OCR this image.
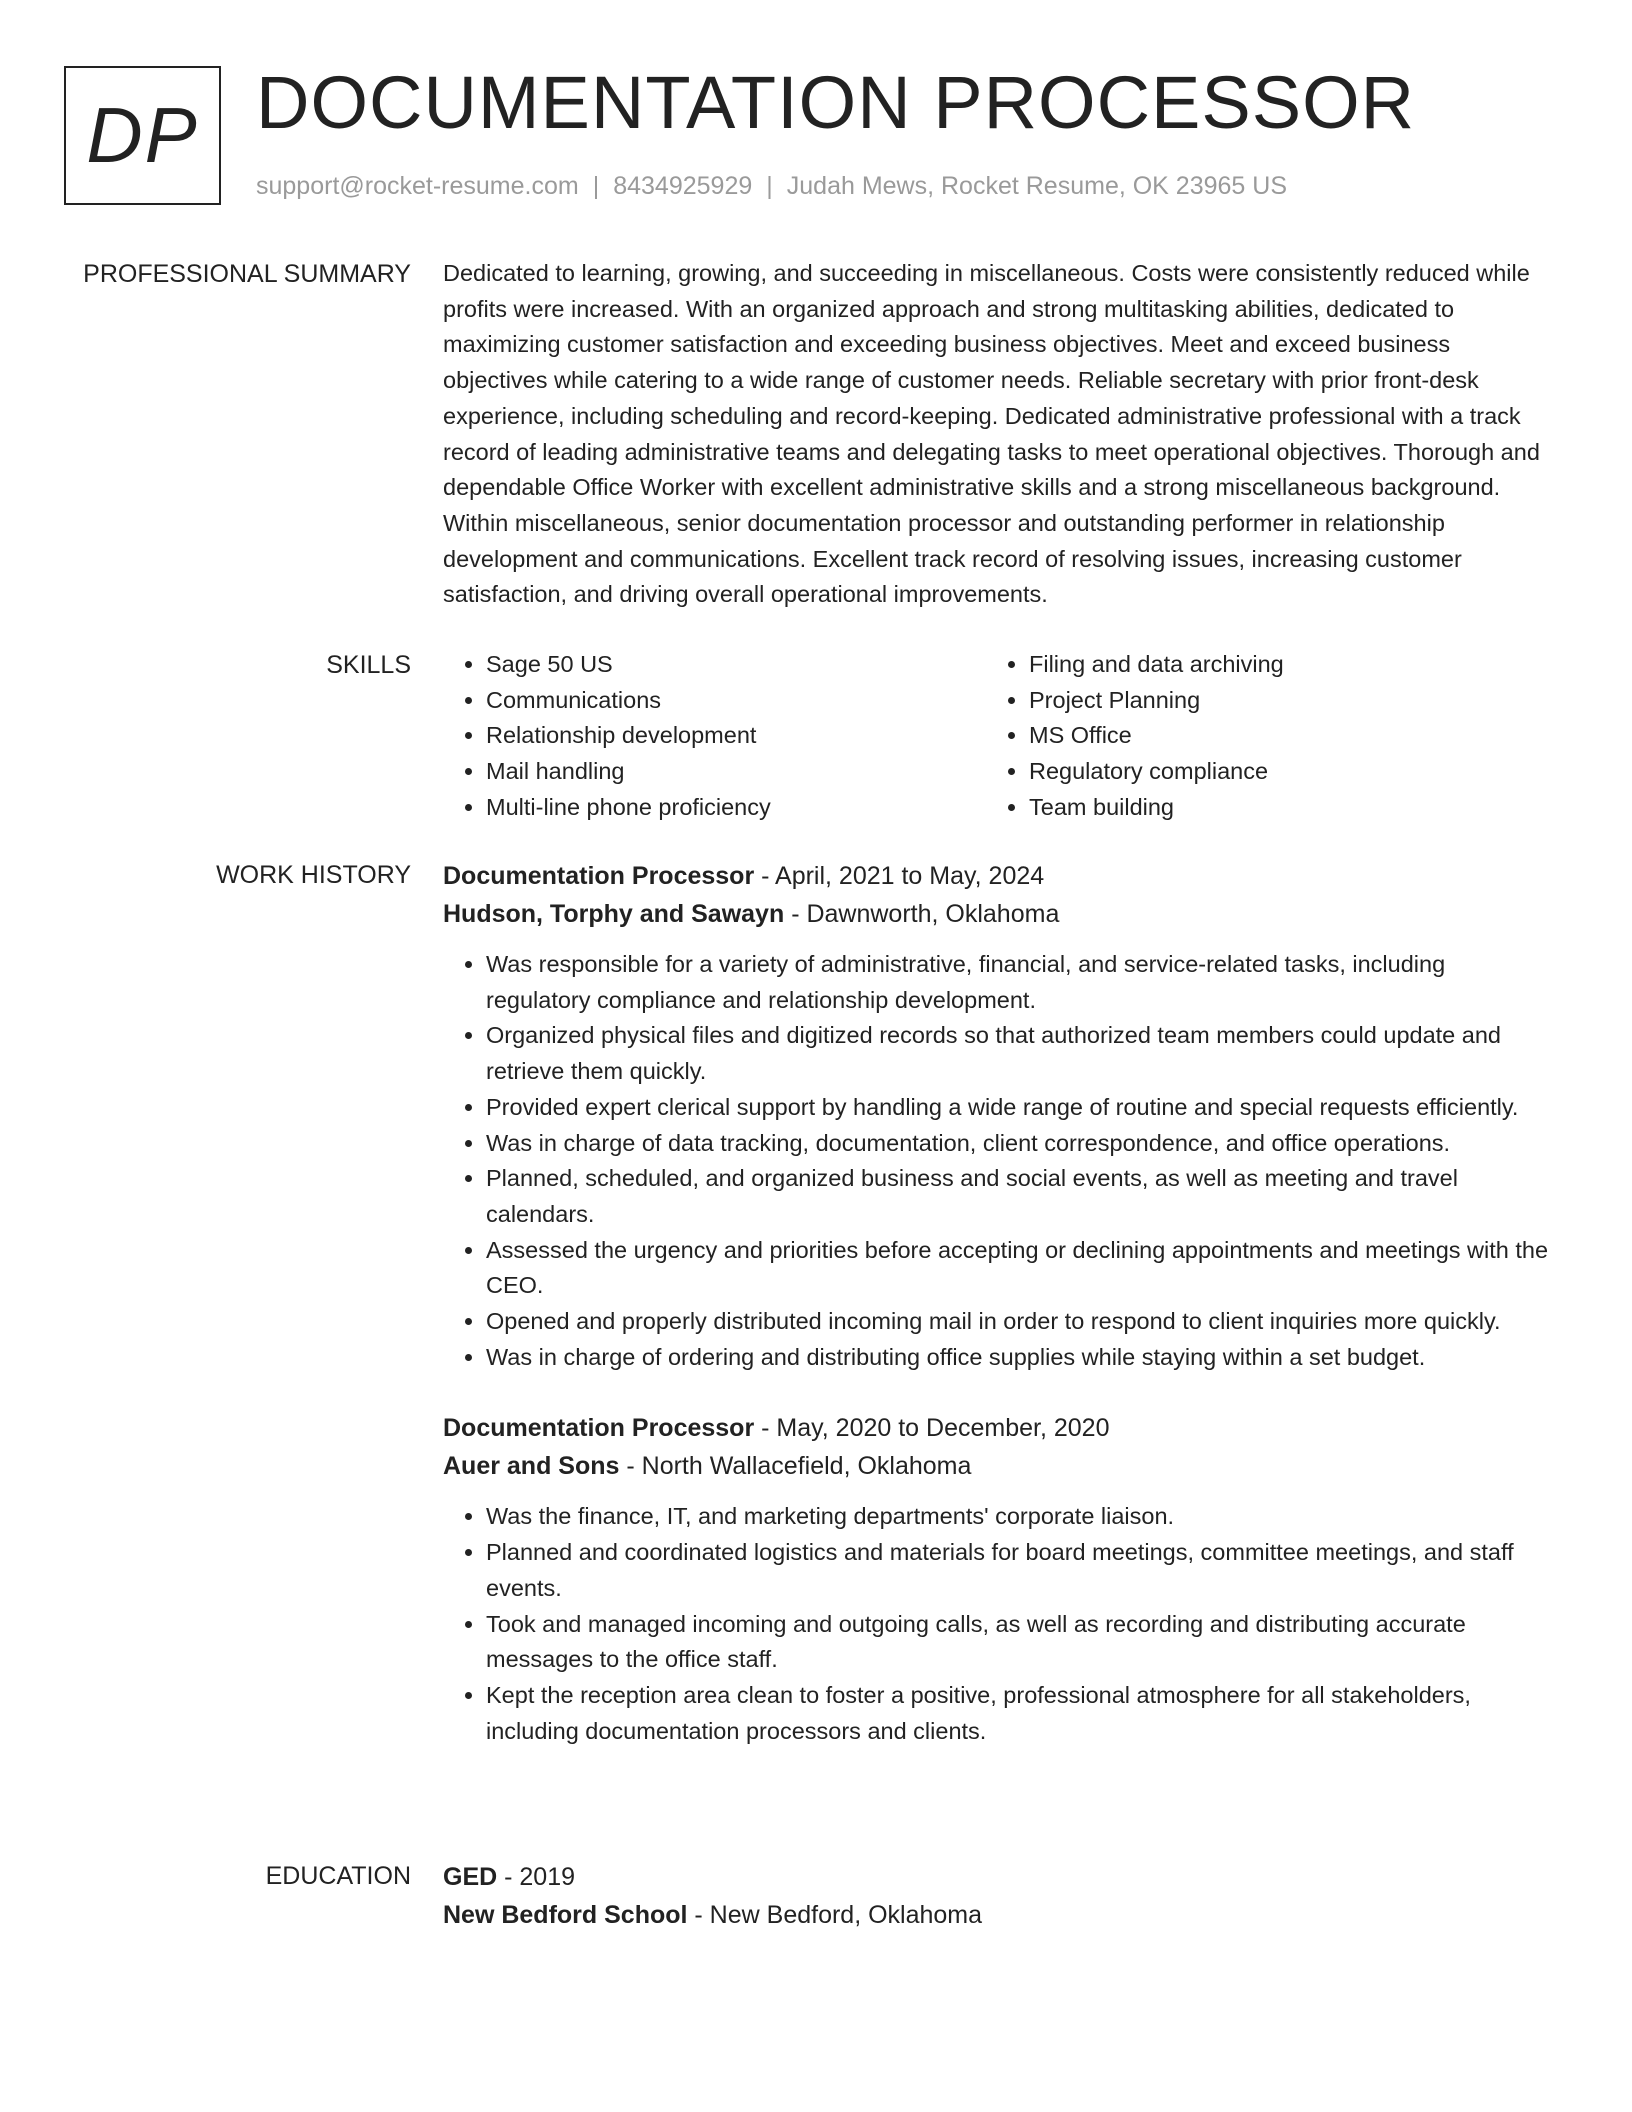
DP DOCUMENTATION PROCESSOR
support@rocket-resume.com | 8434925929 | Judah Mews, Rocket Resume, OK 23965 US
PROFESSIONAL SUMMARY Dedicated to learning, growing, and succeeding in miscellaneous. Costs were consistently reduced while profits were increased. With an organized approach and strong multitasking abilities, dedicated to maximizing customer satisfaction and exceeding business objectives. Meet and exceed business objectives while catering to a wide range of customer needs. Reliable secretary with prior front-desk experience, including scheduling and record-keeping. Dedicated administrative professional with a track record of leading administrative teams and delegating tasks to meet operational objectives. Thorough and dependable Office Worker with excellent administrative skills and a strong miscellaneous background. Within miscellaneous, senior documentation processor and outstanding performer in relationship development and communications. Excellent track record of resolving issues, increasing customer satisfaction, and driving overall operational improvements.

SKILLS
•	Sage 50 US
• Communications
• Relationship development
• Mail handling
• Multi-line phone proficiency
• Filing and data archiving
• Project Planning
• MS Office
• Regulatory compliance
• Team building
WORK HISTORY Documentation Processor - April, 2021 to May, 2024
Hudson, Torphy and Sawayn - Dawnworth, Oklahoma
• Was responsible for a variety of administrative, financial, and service-related tasks, including regulatory compliance and relationship development.
• Organized physical files and digitized records so that authorized team members could update and retrieve them quickly.
• Provided expert clerical support by handling a wide range of routine and special requests efficiently.
• Was in charge of data tracking, documentation, client correspondence, and office operations.
• Planned, scheduled, and organized business and social events, as well as meeting and travel calendars.
• Assessed the urgency and priorities before accepting or declining appointments and meetings with the CEO.
• Opened and properly distributed incoming mail in order to respond to client inquiries more quickly.
• Was in charge of ordering and distributing office supplies while staying within a set budget.
Documentation Processor - May, 2020 to December, 2020
Auer and Sons - North Wallacefield, Oklahoma
• Was the finance, IT, and marketing departments' corporate liaison.
• Planned and coordinated logistics and materials for board meetings, committee meetings, and staff events.
• Took and managed incoming and outgoing calls, as well as recording and distributing accurate messages to the office staff.
• Kept the reception area clean to foster a positive, professional atmosphere for all stakeholders, including documentation processors and clients.
EDUCATION GED - 2019
New Bedford School - New Bedford, Oklahoma
